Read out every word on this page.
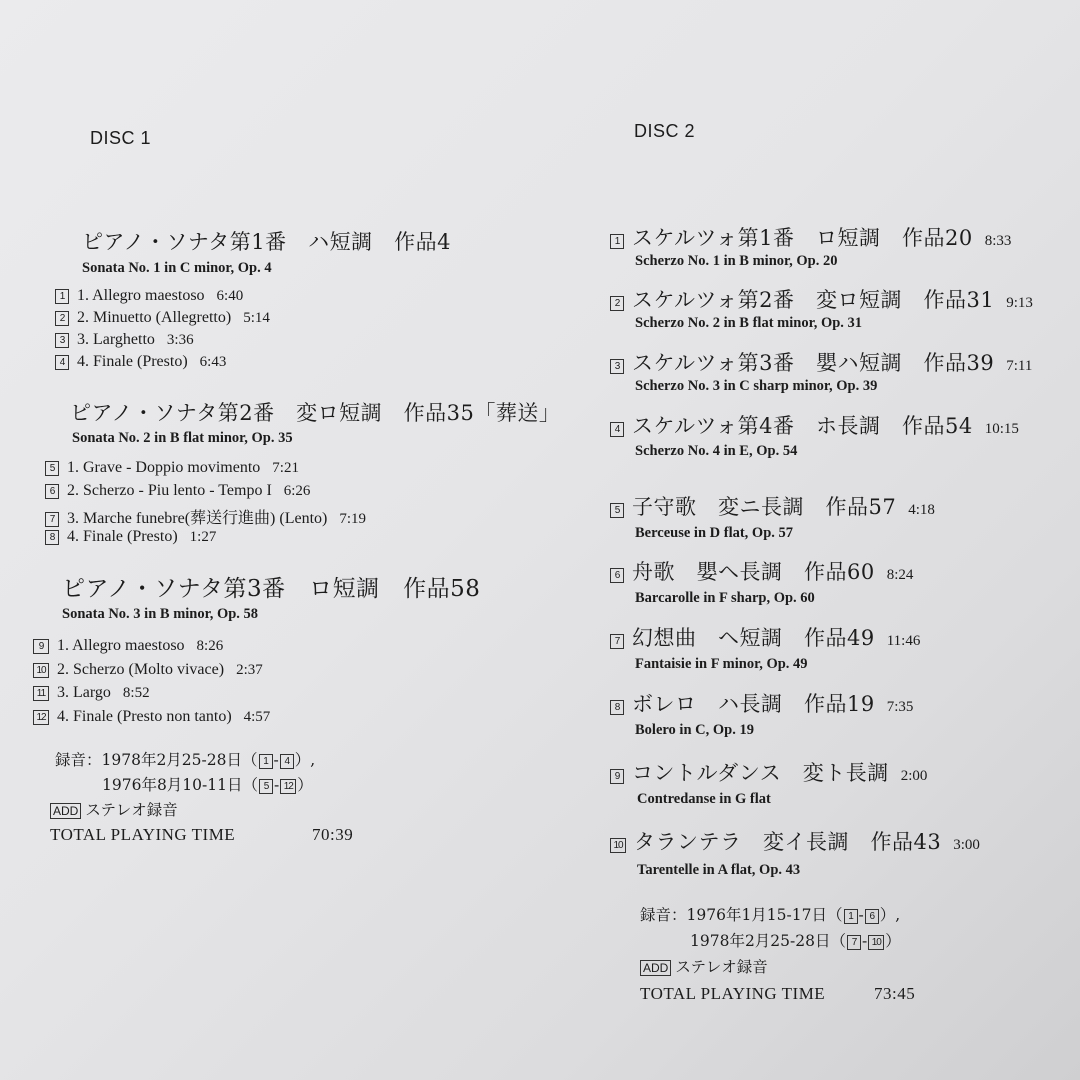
DISC 1
ピアノ・ソナタ第1番　ハ短調　作品4
Sonata No. 1 in C minor, Op. 4
1 1. Allegro maestoso 6:40
2 2. Minuetto (Allegretto) 5:14
3 3. Larghetto 3:36
4 4. Finale (Presto) 6:43
ピアノ・ソナタ第2番　変ロ短調　作品35「葬送」
Sonata No. 2 in B flat minor, Op. 35
5 1. Grave - Doppio movimento 7:21
6 2. Scherzo - Piu lento - Tempo I 6:26
7 3. Marche funebre(葬送行進曲) (Lento) 7:19
8 4. Finale (Presto) 1:27
ピアノ・ソナタ第3番　ロ短調　作品58
Sonata No. 3 in B minor, Op. 58
9 1. Allegro maestoso 8:26
10 2. Scherzo (Molto vivace) 2:37
11 3. Largo 8:52
12 4. Finale (Presto non tanto) 4:57
録音：1978年2月25-28日（ 1 - 4 ）,
1976年8月10-11日（ 5 - 12 ）
ADD ステレオ録音
TOTAL PLAYING TIME	70:39
DISC 2
1 スケルツォ第1番　ロ短調　作品20 8:33
Scherzo No. 1 in B minor, Op. 20
2 スケルツォ第2番　変ロ短調　作品31 9:13
Scherzo No. 2 in B flat minor, Op. 31
3 スケルツォ第3番　嬰ハ短調　作品39 7:11
Scherzo No. 3 in C sharp minor, Op. 39
4 スケルツォ第4番　ホ長調　作品54 10:15
Scherzo No. 4 in E, Op. 54
5 子守歌　変ニ長調　作品57 4:18
Berceuse in D flat, Op. 57
6 舟歌　嬰ヘ長調　作品60 8:24
Barcarolle in F sharp, Op. 60
7 幻想曲　ヘ短調　作品49 11:46
Fantaisie in F minor, Op. 49
8 ボレロ　ハ長調　作品19 7:35
Bolero in C, Op. 19
9 コントルダンス　変ト長調 2:00
Contredanse in G flat
10 タランテラ　変イ長調　作品43 3:00
Tarentelle in A flat, Op. 43
録音：1976年1月15-17日（ 1 - 6 ）,
1978年2月25-28日（ 7 - 10 ）
ADD ステレオ録音
TOTAL PLAYING TIME	73:45
